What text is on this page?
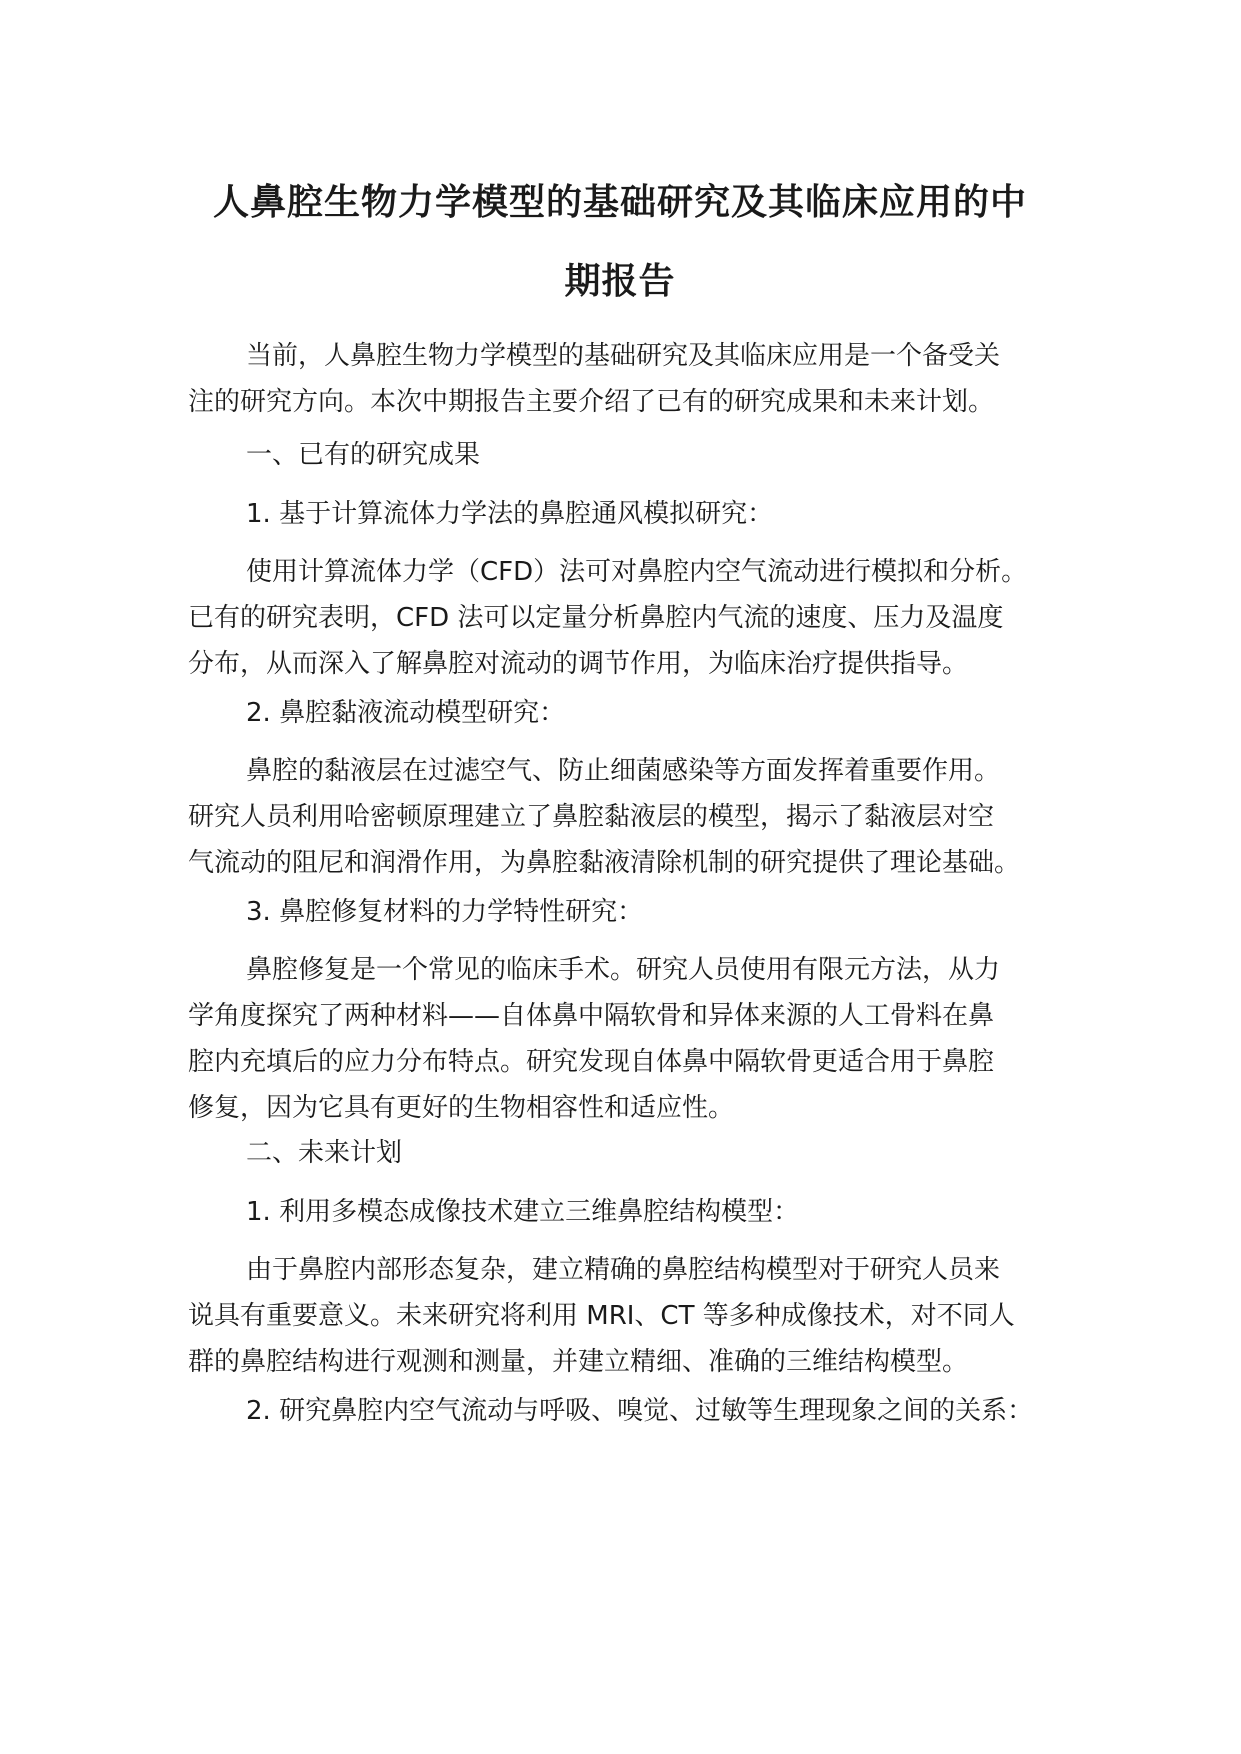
人鼻腔生物力学模型的基础研究及其临床应用的中
期报告

当前，人鼻腔生物力学模型的基础研究及其临床应用是一个备受关
注的研究方向。本次中期报告主要介绍了已有的研究成果和未来计划。

一、已有的研究成果

1. 基于计算流体力学法的鼻腔通风模拟研究：

使用计算流体力学（CFD）法可对鼻腔内空气流动进行模拟和分析。
已有的研究表明，CFD 法可以定量分析鼻腔内气流的速度、压力及温度
分布，从而深入了解鼻腔对流动的调节作用，为临床治疗提供指导。

2. 鼻腔黏液流动模型研究：

鼻腔的黏液层在过滤空气、防止细菌感染等方面发挥着重要作用。
研究人员利用哈密顿原理建立了鼻腔黏液层的模型，揭示了黏液层对空
气流动的阻尼和润滑作用，为鼻腔黏液清除机制的研究提供了理论基础。

3. 鼻腔修复材料的力学特性研究：

鼻腔修复是一个常见的临床手术。研究人员使用有限元方法，从力
学角度探究了两种材料——自体鼻中隔软骨和异体来源的人工骨料在鼻
腔内充填后的应力分布特点。研究发现自体鼻中隔软骨更适合用于鼻腔
修复，因为它具有更好的生物相容性和适应性。

二、未来计划

1. 利用多模态成像技术建立三维鼻腔结构模型：

由于鼻腔内部形态复杂，建立精确的鼻腔结构模型对于研究人员来
说具有重要意义。未来研究将利用 MRI、CT 等多种成像技术，对不同人
群的鼻腔结构进行观测和测量，并建立精细、准确的三维结构模型。

2. 研究鼻腔内空气流动与呼吸、嗅觉、过敏等生理现象之间的关系：
